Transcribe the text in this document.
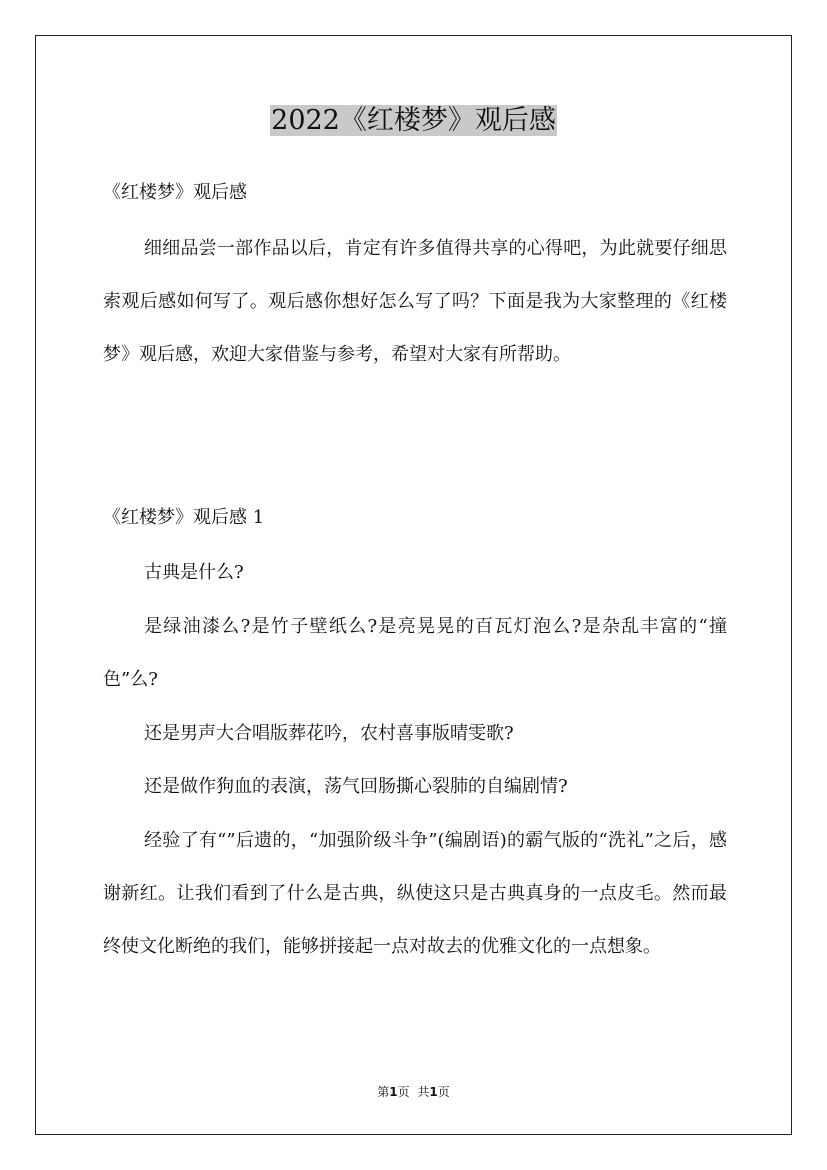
2022《红楼梦》观后感
《红楼梦》观后感

细细品尝一部作品以后，肯定有许多值得共享的心得吧，为此就要仔细思索观后感如何写了。观后感你想好怎么写了吗？下面是我为大家整理的《红楼梦》观后感，欢迎大家借鉴与参考，希望对大家有所帮助。

《红楼梦》观后感 1

古典是什么?

是绿油漆么?是竹子壁纸么?是亮晃晃的百瓦灯泡么?是杂乱丰富的“撞色”么?

还是男声大合唱版葬花吟，农村喜事版晴雯歌?

还是做作狗血的表演，荡气回肠撕心裂肺的自编剧情?

经验了有“”后遗的，“加强阶级斗争”(编剧语)的霸气版的“洗礼”之后，感谢新红。让我们看到了什么是古典，纵使这只是古典真身的一点皮毛。然而最终使文化断绝的我们，能够拼接起一点对故去的优雅文化的一点想象。

第1页 共1页
